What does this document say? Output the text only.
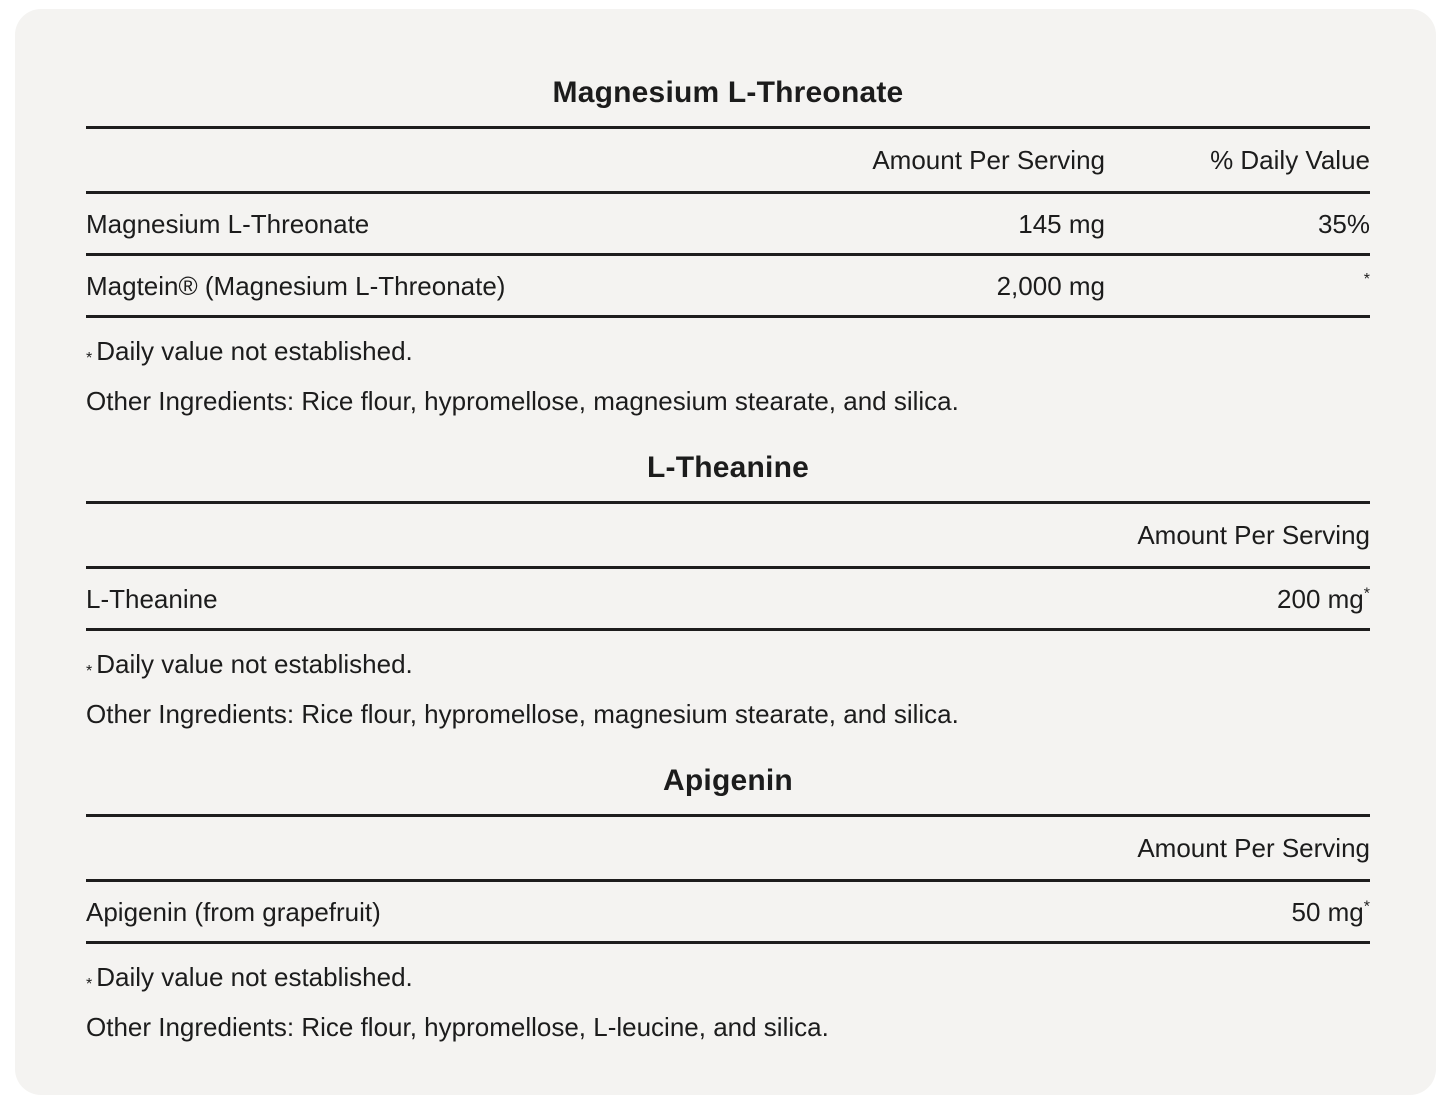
Magnesium L-Threonate
Amount Per Serving	% Daily Value
Magnesium L-Threonate	145 mg	35%
Magtein® (Magnesium L-Threonate)	2,000 mg	*

* Daily value not established.

Other Ingredients: Rice flour, hypromellose, magnesium stearate, and silica.

L-Theanine
Amount Per Serving
L-Theanine	200 mg*

* Daily value not established.

Other Ingredients: Rice flour, hypromellose, magnesium stearate, and silica.

Apigenin
Amount Per Serving
Apigenin (from grapefruit)	50 mg*

* Daily value not established.

Other Ingredients: Rice flour, hypromellose, L-leucine, and silica.
